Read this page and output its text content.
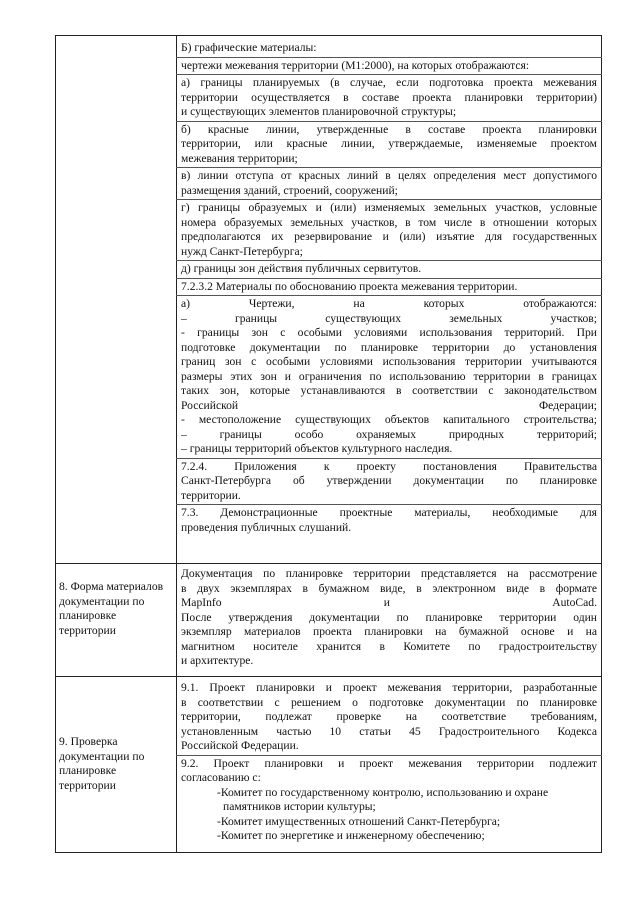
Б) графические материалы:
чертежи межевания территории (М1:2000), на которых отображаются:
а) границы планируемых (в случае, если подготовка проекта межевания
территории осуществляется в составе проекта планировки территории)
и существующих элементов планировочной структуры;
б) красные линии, утвержденные в составе проекта планировки
территории, или красные линии, утверждаемые, изменяемые проектом
межевания территории;
в) линии отступа от красных линий в целях определения мест допустимого
размещения зданий, строений, сооружений;
г) границы образуемых и (или) изменяемых земельных участков, условные
номера образуемых земельных участков, в том числе в отношении которых
предполагаются их резервирование и (или) изъятие для государственных
нужд Санкт-Петербурга;
д) границы зон действия публичных сервитутов.
7.2.3.2 Материалы по обоснованию проекта межевания территории.
а) Чертежи, на которых отображаются:
– границы существующих земельных участков;
- границы зон с особыми условиями использования территорий. При
подготовке документации по планировке территории до установления
границ зон с особыми условиями использования территории учитываются
размеры этих зон и ограничения по использованию территории в границах
таких зон, которые устанавливаются в соответствии с законодательством
Российской Федерации;
- местоположение существующих объектов капитального строительства;
– границы особо охраняемых природных территорий;
– границы территорий объектов культурного наследия.
7.2.4. Приложения к проекту постановления Правительства
Санкт-Петербурга об утверждении документации по планировке
территории.
7.3. Демонстрационные проектные материалы, необходимые для
проведения публичных слушаний.
8. Форма материалов документации по планировке территории
Документация по планировке территории представляется на рассмотрение
в двух экземплярах в бумажном виде, в электронном виде в формате
MapInfo и AutoCad.
После утверждения документации по планировке территории один
экземпляр материалов проекта планировки на бумажной основе и на
магнитном носителе хранится в Комитете по градостроительству
и архитектуре.
9. Проверка документации по планировке территории
9.1. Проект планировки и проект межевания территории, разработанные
в соответствии с решением о подготовке документации по планировке
территории, подлежат проверке на соответствие требованиям,
установленным частью 10 статьи 45 Градостроительного Кодекса
Российской Федерации.
9.2. Проект планировки и проект межевания территории подлежит
согласованию с:
-Комитет по государственному контролю, использованию и охране
памятников истории культуры;
-Комитет имущественных отношений Санкт-Петербурга;
-Комитет по энергетике и инженерному обеспечению;
